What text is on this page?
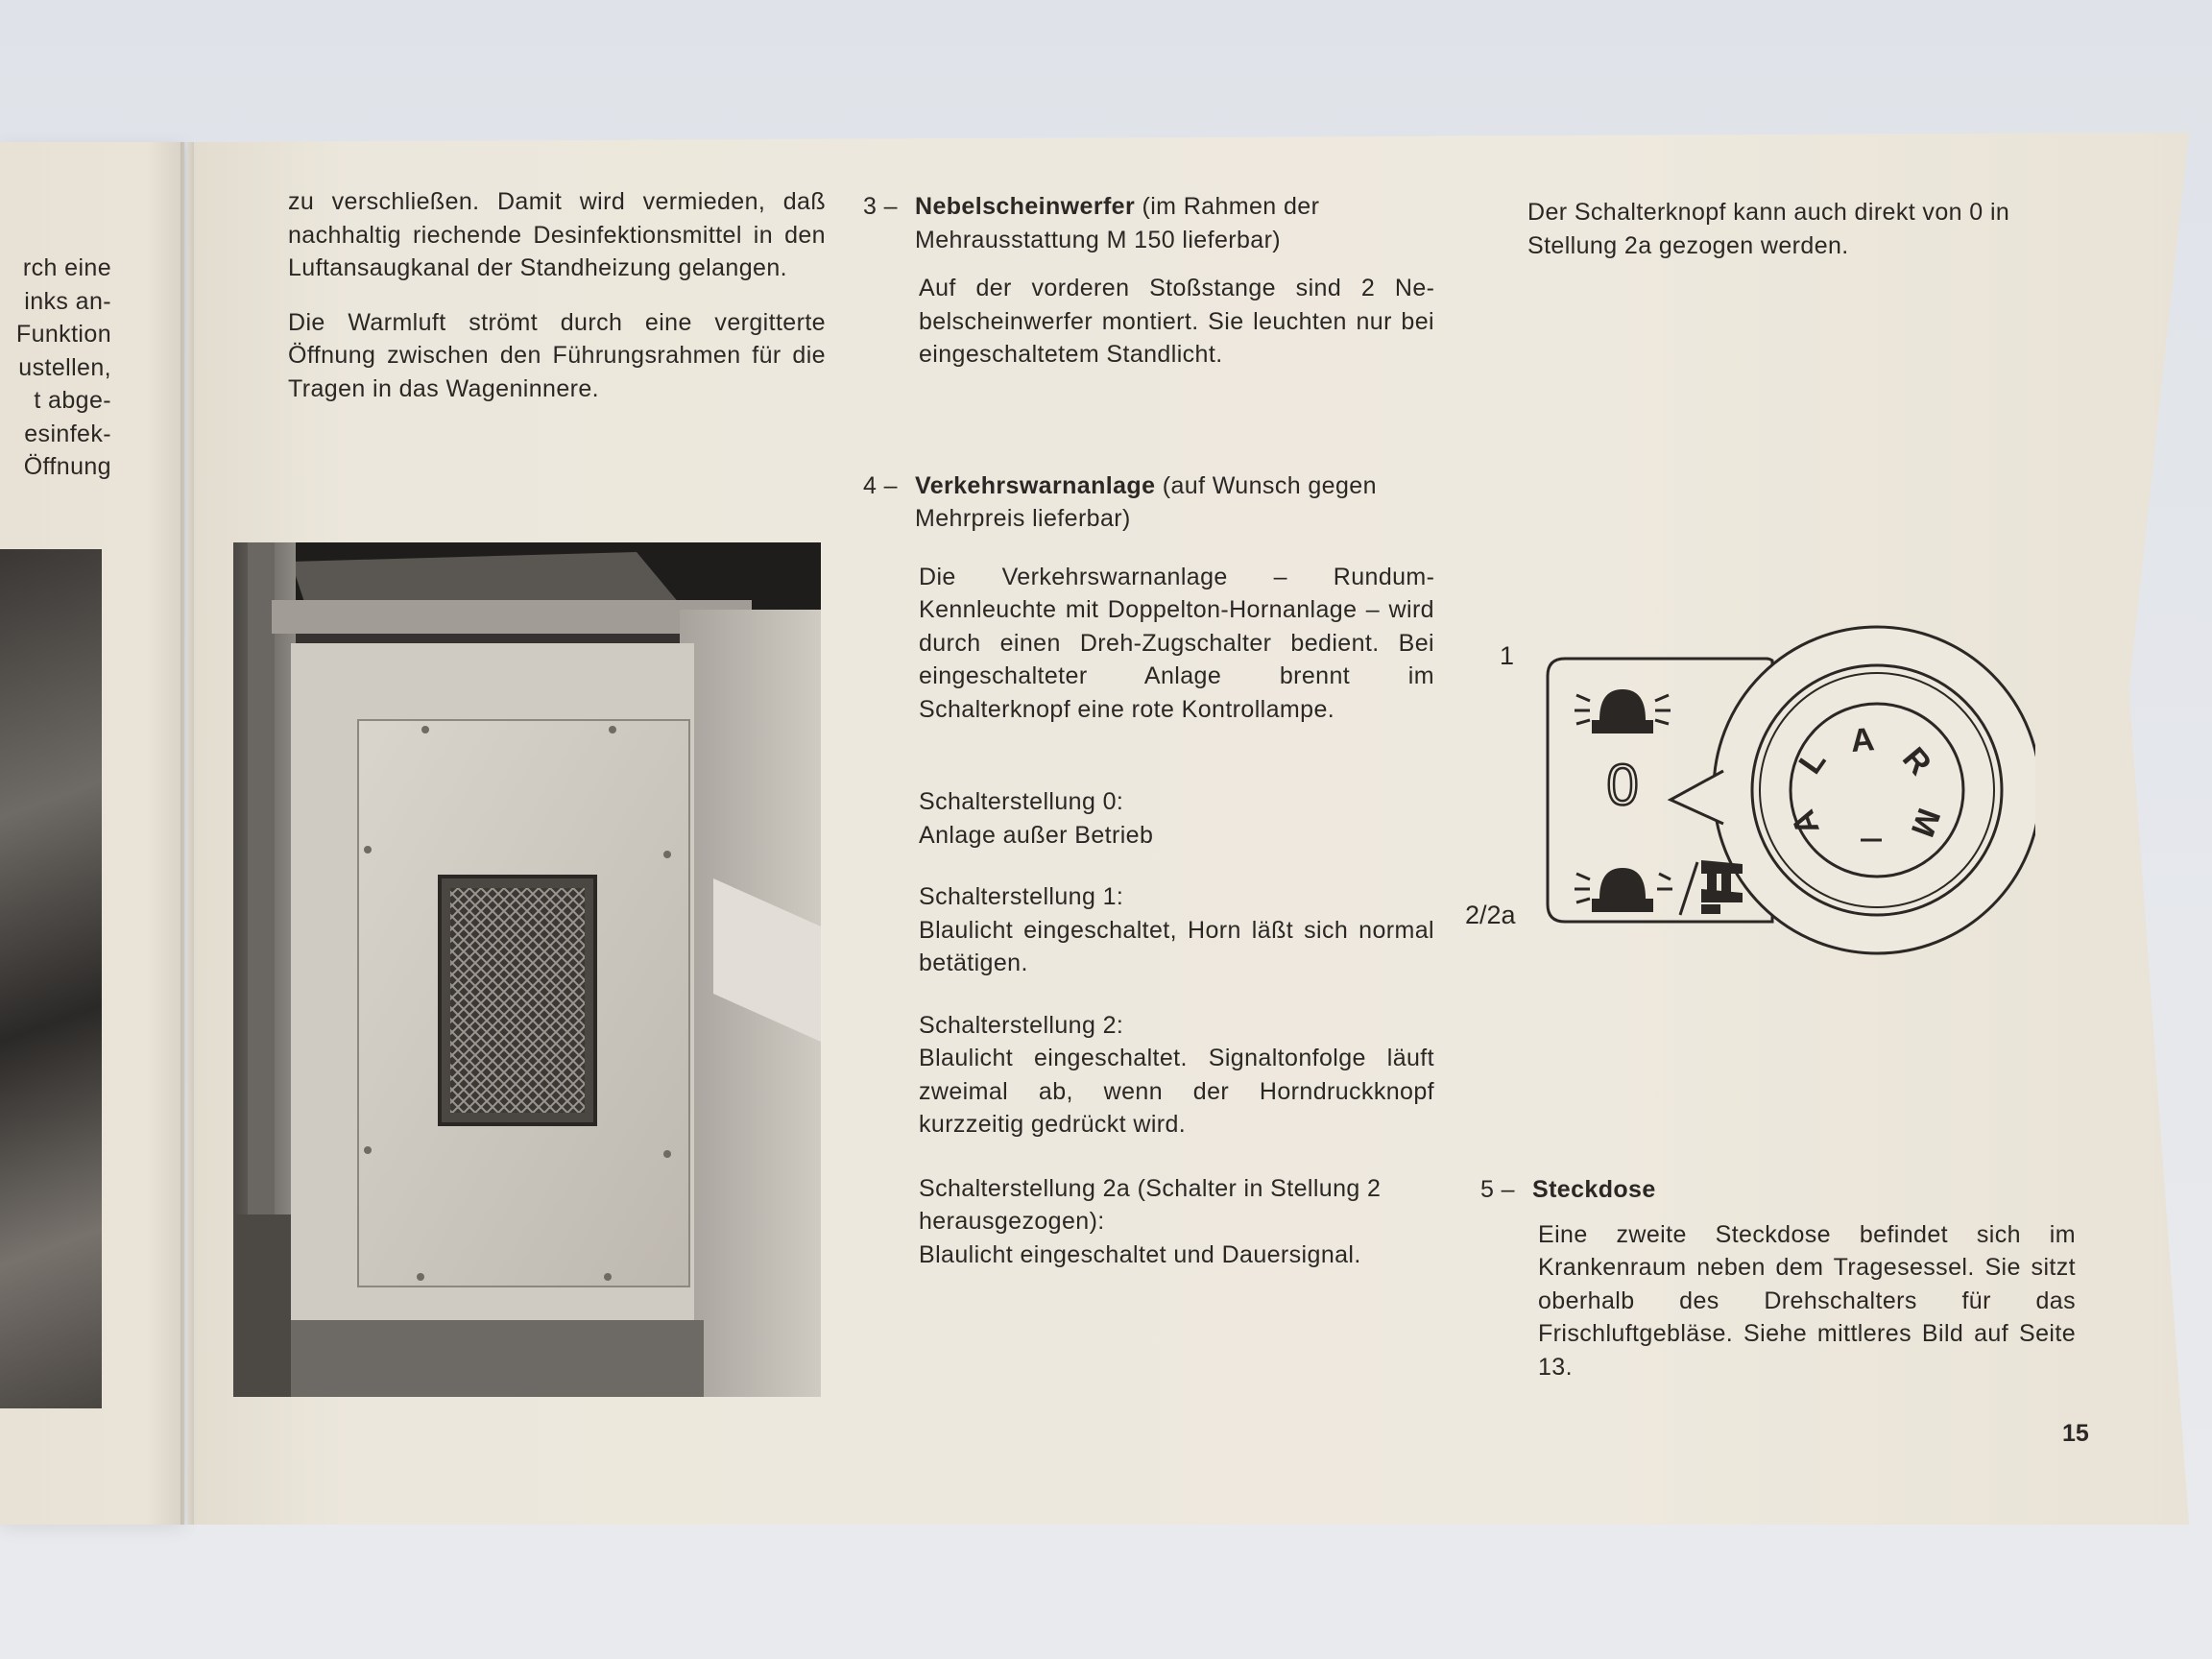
rch eine

inks an-

Funktion

ustellen,

t abge-

esinfek-

Öffnung

zu verschließen. Damit wird vermieden, daß nachhaltig riechende Desinfektionsmittel in den Luftansaugkanal der Standheizung gelangen.

Die Warmluft strömt durch eine vergitterte Öffnung zwischen den Führungsrahmen für die Tragen in das Wageninnere.

3 – Nebelscheinwerfer (im Rahmen der Mehrausstattung M 150 lieferbar)

Auf der vorderen Stoßstange sind 2 Nebelscheinwerfer montiert. Sie leuchten nur bei eingeschaltetem Standlicht.

4 – Verkehrswarnanlage (auf Wunsch gegen Mehrpreis lieferbar)

Die Verkehrswarnanlage – RundumKennleuchte mit Doppelton-Hornanlage – wird durch einen Dreh-Zugschalter bedient. Bei eingeschalteter Anlage brennt im Schalterknopf eine rote Kontrollampe.

Schalterstellung 0:

Anlage außer Betrieb

Schalterstellung 1:

Blaulicht eingeschaltet, Horn läßt sich normal betätigen.

Schalterstellung 2:

Blaulicht eingeschaltet. Signaltonfolge läuft zweimal ab, wenn der Horndruckknopf kurzzeitig gedrückt wird.

Schalterstellung 2a (Schalter in Stellung 2 herausgezogen):

Blaulicht eingeschaltet und Dauersignal.

Der Schalterknopf kann auch direkt von 0 in Stellung 2a gezogen werden.

1
2/2a
A
L
A
R
M
0
5 – Steckdose

Eine zweite Steckdose befindet sich im Krankenraum neben dem Tragesessel. Sie sitzt oberhalb des Drehschalters für das Frischluftgebläse. Siehe mittleres Bild auf Seite 13.

15
